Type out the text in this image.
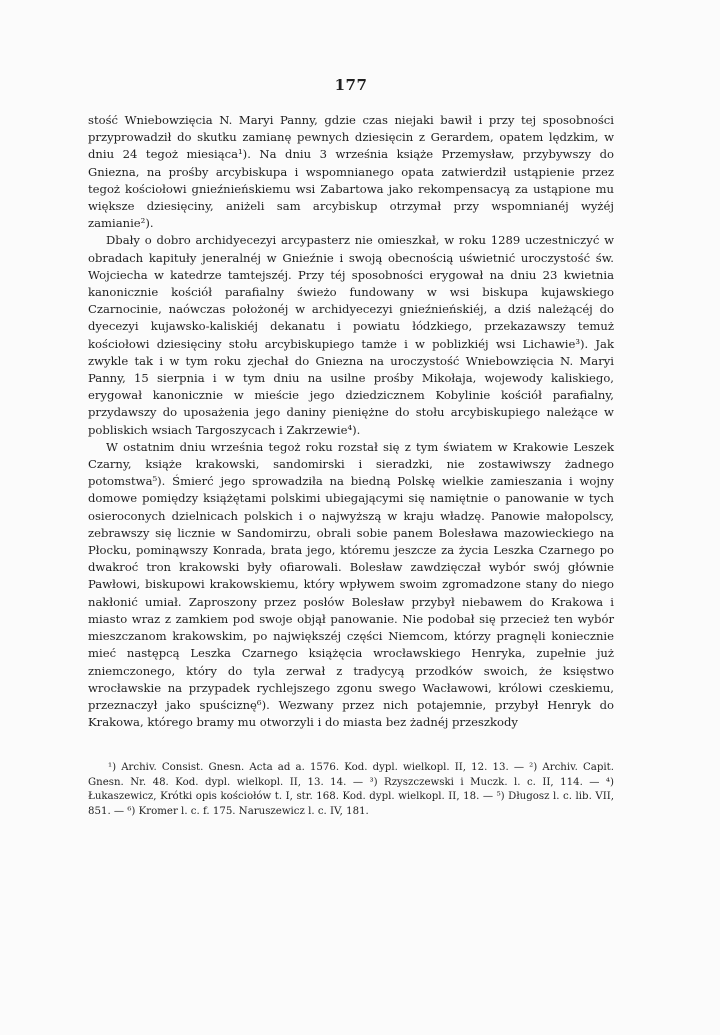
177

stość Wniebowzięcia N. Maryi Panny, gdzie czas niejaki bawił i przy tej sposobności przyprowadził do skutku zamianę pewnych dziesięcin z Gerardem, opatem lędzkim, w dniu 24 tegoż miesiąca¹). Na dniu 3 września książe Przemysław, przybywszy do Gniezna, na prośby arcybiskupa i wspomnianego opata zatwierdził ustąpienie przez tegoż kościołowi gnieźnieńskiemu wsi Zabartowa jako rekompensacyą za ustąpione mu większe dziesięciny, aniżeli sam arcybiskup otrzymał przy wspomnianéj wyżéj zamianie²).

Dbały o dobro archidyecezyi arcypasterz nie omieszkał, w roku 1289 uczestniczyć w obradach kapituły jeneralnéj w Gnieźnie i swoją obecnością uświetnić uroczystość św. Wojciecha w katedrze tamtejszéj. Przy téj sposobności erygował na dniu 23 kwietnia kanonicznie kościół parafialny świeżo fundowany w wsi biskupa kujawskiego Czarnocinie, naówczas położonéj w archidyecezyi gnieźnieńskiéj, a dziś należącéj do dyecezyi kujawsko-kaliskiéj dekanatu i powiatu łódzkiego, przekazawszy temuż kościołowi dziesięciny stołu arcybiskupiego tamże i w poblizkiéj wsi Lichawie³). Jak zwykle tak i w tym roku zjechał do Gniezna na uroczystość Wniebowzięcia N. Maryi Panny, 15 sierpnia i w tym dniu na usilne prośby Mikołaja, wojewody kaliskiego, erygował kanonicznie w mieście jego dziedzicznem Kobylinie kościół parafialny, przydawszy do uposażenia jego daniny pieniężne do stołu arcybiskupiego należące w pobliskich wsiach Targoszycach i Zakrzewie⁴).

W ostatnim dniu września tegoż roku rozstał się z tym światem w Krakowie Leszek Czarny, książe krakowski, sandomirski i sieradzki, nie zostawiwszy żadnego potomstwa⁵). Śmierć jego sprowadziła na biedną Polskę wielkie zamieszania i wojny domowe pomiędzy książętami polskimi ubiegającymi się namiętnie o panowanie w tych osieroconych dzielnicach polskich i o najwyższą w kraju władzę. Panowie małopolscy, zebrawszy się licznie w Sandomirzu, obrali sobie panem Bolesława mazowieckiego na Płocku, pominąwszy Konrada, brata jego, któremu jeszcze za życia Leszka Czarnego po dwakroć tron krakowski były ofiarowali. Bolesław zawdzięczał wybór swój głównie Pawłowi, biskupowi krakowskiemu, który wpływem swoim zgromadzone stany do niego nakłonić umiał. Zaproszony przez posłów Bolesław przybył niebawem do Krakowa i miasto wraz z zamkiem pod swoje objął panowanie. Nie podobał się przecież ten wybór mieszczanom krakowskim, po największéj części Niemcom, którzy pragnęli koniecznie mieć następcą Leszka Czarnego książęcia wrocławskiego Henryka, zupełnie już zniemczonego, który do tyla zerwał z tradycyą przodków swoich, że księstwo wrocławskie na przypadek rychlejszego zgonu swego Wacławowi, królowi czeskiemu, przeznaczył jako spuściznę⁶). Wezwany przez nich potajemnie, przybył Henryk do Krakowa, którego bramy mu otworzyli i do miasta bez żadnéj przeszkody

¹) Archiv. Consist. Gnesn. Acta ad a. 1576. Kod. dypl. wielkopl. II, 12. 13. — ²) Archiv. Capit. Gnesn. Nr. 48. Kod. dypl. wielkopl. II, 13. 14. — ³) Rzyszczewski i Muczk. l. c. II, 114. — ⁴) Łukaszewicz, Krótki opis kościołów t. I, str. 168. Kod. dypl. wielkopl. II, 18. — ⁵) Długosz l. c. lib. VII, 851. — ⁶) Kromer l. c. f. 175. Naruszewicz l. c. IV, 181.
